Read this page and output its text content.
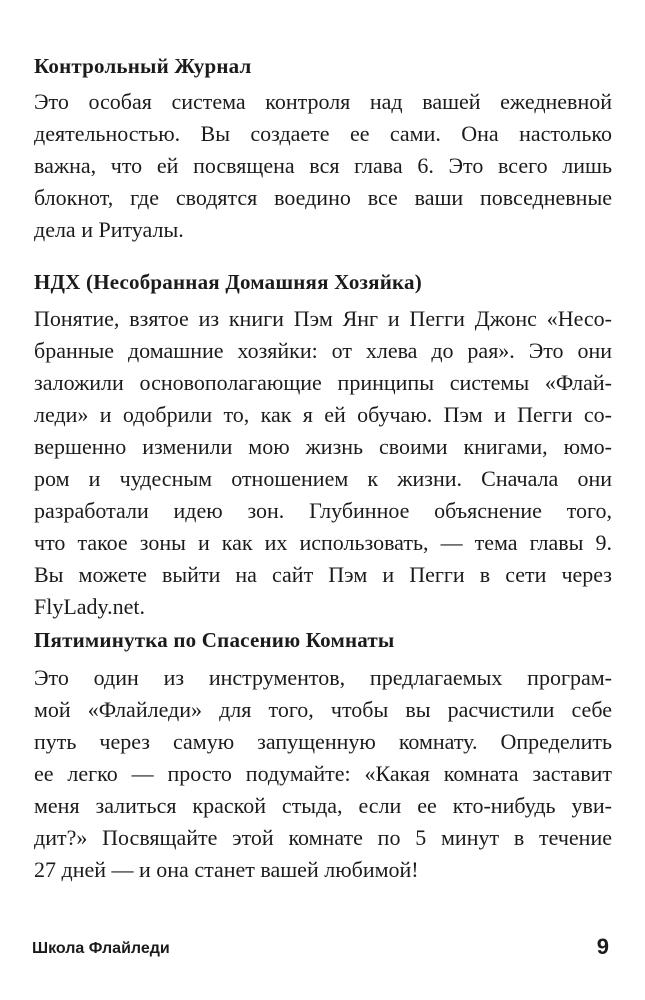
Контрольный Журнал

Это особая система контроля над вашей ежедневной
деятельностью. Вы создаете ее сами. Она настолько
важна, что ей посвящена вся глава 6. Это всего лишь
блокнот, где сводятся воедино все ваши повседневные
дела и Ритуалы.

НДХ (Несобранная Домашняя Хозяйка)

Понятие, взятое из книги Пэм Янг и Пегги Джонс «Несо-
бранные домашние хозяйки: от хлева до рая». Это они
заложили основополагающие принципы системы «Флай-
леди» и одобрили то, как я ей обучаю. Пэм и Пегги со-
вершенно изменили мою жизнь своими книгами, юмо-
ром и чудесным отношением к жизни. Сначала они
разработали идею зон. Глубинное объяснение того,
что такое зоны и как их использовать, — тема главы 9.
Вы можете выйти на сайт Пэм и Пегги в сети через
FlyLady.net.

Пятиминутка по Спасению Комнаты

Это один из инструментов, предлагаемых програм-
мой «Флайледи» для того, чтобы вы расчистили себе
путь через самую запущенную комнату. Определить
ее легко — просто подумайте: «Какая комната заставит
меня залиться краской стыда, если ее кто-нибудь уви-
дит?» Посвящайте этой комнате по 5 минут в течение
27 дней — и она станет вашей любимой!

Школа Флайледи	9
